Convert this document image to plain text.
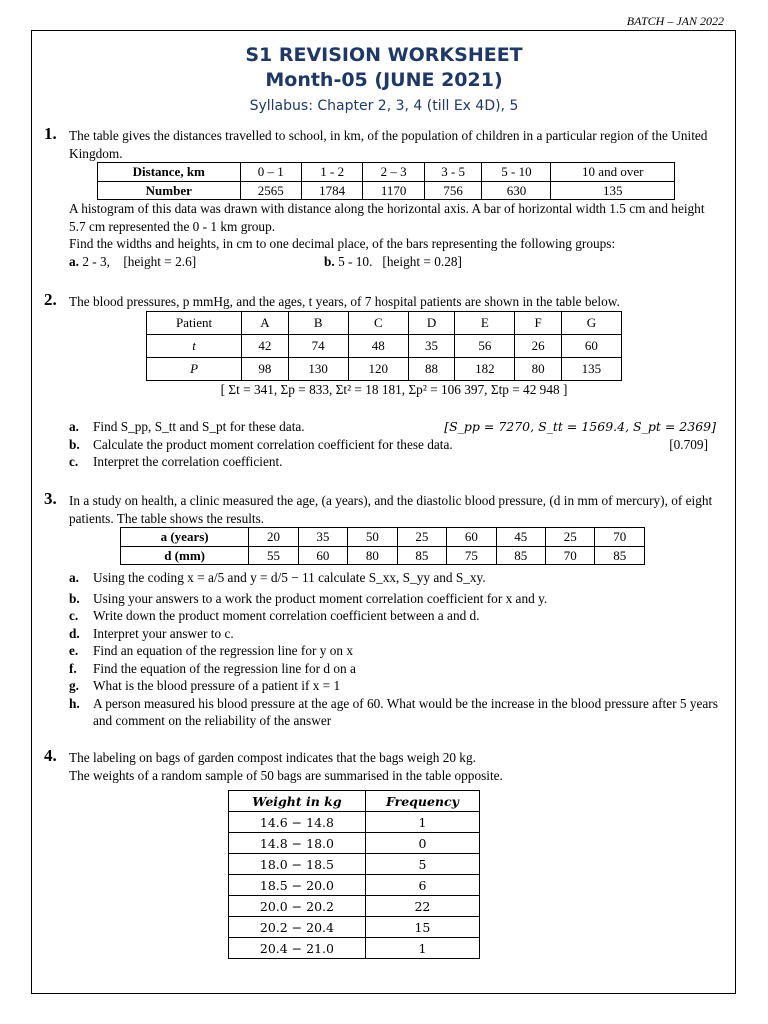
BATCH – JAN 2022
S1 REVISION WORKSHEET
Month-05 (JUNE 2021)
Syllabus: Chapter 2, 3, 4 (till Ex 4D), 5
1. The table gives the distances travelled to school, in km, of the population of children in a particular region of the United Kingdom.
Distance, km	0 – 1	1 - 2	2 – 3	3 - 5	5 - 10	10 and over
Number	2565	1784	1170	756	630	135
A histogram of this data was drawn with distance along the horizontal axis. A bar of horizontal width 1.5 cm and height 5.7 cm represented the 0 - 1 km group.
Find the widths and heights, in cm to one decimal place, of the bars representing the following groups:
a. 2 - 3, [height = 2.6]	b. 5 - 10. [height = 0.28]
2. The blood pressures, p mmHg, and the ages, t years, of 7 hospital patients are shown in the table below.
Patient	A	B	C	D	E	F	G
t	42	74	48	35	56	26	60
P	98	130	120	88	182	80	135
[ Σt = 341, Σp = 833, Σt² = 18 181, Σp² = 106 397, Σtp = 42 948 ]
a. Find S_pp, S_tt and S_pt for these data.	[S_pp = 7270, S_tt = 1569.4, S_pt = 2369]
b. Calculate the product moment correlation coefficient for these data.	[0.709]
c. Interpret the correlation coefficient.
3. In a study on health, a clinic measured the age, (a years), and the diastolic blood pressure, (d in mm of mercury), of eight patients. The table shows the results.
a (years)	20	35	50	25	60	45	25	70
d (mm)	55	60	80	85	75	85	70	85
a. Using the coding x = a/5 and y = d/5 − 11 calculate S_xx, S_yy and S_xy.
b. Using your answers to a work the product moment correlation coefficient for x and y.
c. Write down the product moment correlation coefficient between a and d.
d. Interpret your answer to c.
e. Find an equation of the regression line for y on x
f. Find the equation of the regression line for d on a
g. What is the blood pressure of a patient if x = 1
h. A person measured his blood pressure at the age of 60. What would be the increase in the blood pressure after 5 years and comment on the reliability of the answer
4. The labeling on bags of garden compost indicates that the bags weigh 20 kg.
The weights of a random sample of 50 bags are summarised in the table opposite.
Weight in kg	Frequency
14.6 − 14.8	1
14.8 − 18.0	0
18.0 − 18.5	5
18.5 − 20.0	6
20.0 − 20.2	22
20.2 − 20.4	15
20.4 − 21.0	1
